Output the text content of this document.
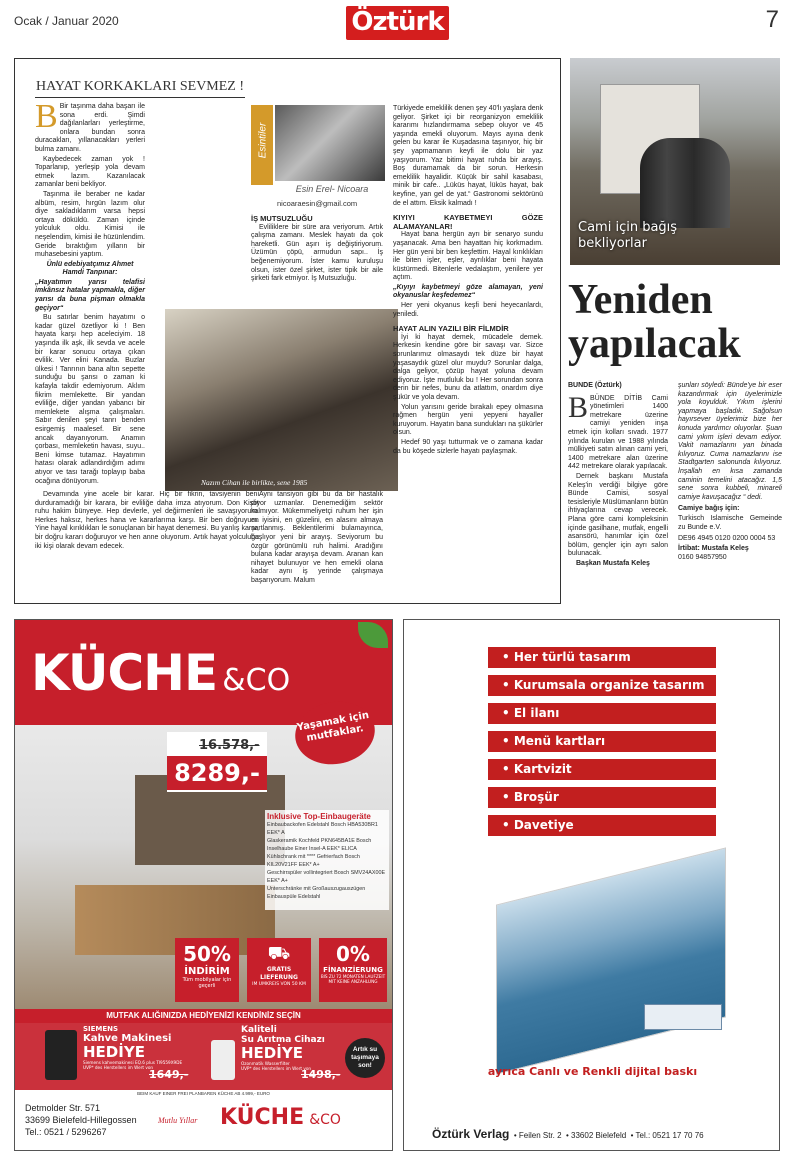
Ocak / Januar 2020	Öztürk	7
HAYAT KORKAKLARI SEVMEZ !

B Bir taşınma daha başarı ile sona erdi. Şimdi dağılanlarları yerleştirme, onlara bundan sonra duracakları, yıllanacakları yerleri bulma zamanı.

Kaybedecek zaman yok ! Toparlanıp, yerleşip yola devam etmek lazım. Kazanılacak zamanlar beni bekliyor.

Taşınma ile beraber ne kadar albüm, resim, hırgün lazım olur diye sakladıklarım varsa hepsi ortaya döküldü. Zaman içinde yolculuk oldu. Kimisi ile neşelendim, kimisi ile hüzünlendim. Geride bıraktığım yılların bir muhasebesini yaptım.

Ünlü edebiyatçımız Ahmet Hamdi Tanpınar:

„Hayatımın yarısı telafisi imkânsız hatalar yapmakla, diğer yarısı da buna pişman olmakla geçiyor“

Bu satırlar benim hayatımı o kadar güzel özetliyor ki ! Ben hayata karşı hep aceleciyim. 18 yaşında ilk aşk, ilk sevda ve acele bir karar sonucu ortaya çıkan evlilik. Ver elini Kanada. Buzlar ülkesi ! Tanrının bana altın sepette sunduğu bu şansı o zaman ki kafayla takdir edemiyorum. Aklım fikrim memlekette. Bir yandan evliliğe, diğer yandan yabancı bir memlekete alışma çalışmaları. Sabır denilen şeyi tanrı benden esirgemiş maalesef. Bir sene ancak dayanıyorum. Anamın çorbası, memleketin havası, suyu.. Beni kimse tutamaz. Hayatımın hatası olarak adlandırdığım adımı atıyor ve tası tarağı toplayıp baba ocağına dönüyorum.

Devamında yine acele bir karar. Hiç bir fikrin, tavsiyenin beni durduramadığı bir karara, bir evliliğe daha imza atıyorum. Don Kişot ruhu hakim bünyeye. Hep devlerle, yel değirmenleri ile savaşıyorum. Herkes haksız, herkes hana ve kararlarıma karşı. Bir ben doğruyum. Yine hayal kırıklıkları le sonuçlanan bir hayat denemesi. Bu yanlış karar, bir doğru kararı doğuruyor ve hen anne oluyorum. Artık hayat yolculuğu iki kişi olarak devam edecek.

Esintiler
Esin Erel- Nicoara
nicoaraesin@gmail.com
İŞ MUTSUZLUĞU

Evliliklere bir süre ara veriyorum. Artık çalışma zamanı. Meslek hayatı da çok hareketli. Gün aşırı iş değiştiriyorum. Üzümün çöpü, armudun sapı.. İş beğenemiyorum. İster kamu kuruluşu olsun, ister özel şirket, ister tipik bir aile şirketi fark etmiyor. İş Mutsuzluğu.

Nazım Cihan ile birlikte, sene 1985

Aynı tansiyon gibi bu da bir hastalık diyor uzmanlar. Denemediğim sektör kalmıyor. Mükemmeliyetçi ruhum her işin en iyisini, en güzelini, en alasını almaya şartlanmış. Beklentilerimi bulamayınca, başlıyor yeni bir arayış. Seviyorum bu özgür görünümlü ruh halimi. Aradığını bulana kadar arayışa devam. Aranan kan nihayet bulunuyor ve hen emekli olana kadar aynı iş yerinde çalışmaya başarıyorum. Malum

Türkiyede emeklilik denen şey 40'lı yaşlara denk geliyor. Şirket içi bir reorganizyon emeklilik kararımı hızlandırmama sebep oluyor ve 45 yaşında emekli oluyorum. Mayıs ayına denk gelen bu karar ile Kuşadasına taşınıyor, hiç bir şey yapmamanın keyfi ile dolu bir yaz yaşıyorum. Yaz bitimi hayat ruhda bir arayış. Boş duramamak da bir sorun. Herkesin emeklilik hayalidir. Küçük bir sahil kasabası, minik bir cafe.. „Lüküs hayat, lüküs hayat, bak keyfine, yan gel de yat.“ Gastronomi sektörünü de el attım. Eksik kalmadı !

KIYIYI KAYBETMEYI GÖZE ALAMAYANLAR!

Hayat bana hergün ayrı bir senaryo sundu yaşanacak. Ama ben hayattan hiç korkmadım. Her gün yeni bir ben keşfettim. Hayal kırıklıkları ile biten işler, eşler, ayrılıklar beni hayata küstürmedi. Bitenlerle vedalaştım, yenilere yer açtım.

„Kıyıyı kaybetmeyi göze alamayan, yeni okyanuslar keşfedemez“

Her yeni okyanus keşfi beni heyecanlardı, yeniledi.

HAYAT ALIN YAZILI BİR FİLMDİR

İyi ki hayat demek, mücadele demek. Herkesin kendine göre bir savaşı var. Sizce sorunlarımız olmasaydı tek düze bir hayat yaşasaydık güzel olur muydu? Sorunlar dalga, dalga geliyor, çözüp hayat yoluna devam ediyoruz. İşte mutluluk bu ! Her sorundan sonra derin bir nefes, bunu da atlattım, onardım diye şükür ve yola devam.

Yolun yarısını geride bırakalı epey olmasına rağmen hergün yeni yepyeni hayaller kuruyorum. Hayatın bana sundukları na şükürler olsun.

Hedef 90 yaşı tutturmak ve o zamana kadar da bu köşede sizlerle hayatı paylaşmak.

Cami için bağış bekliyorlar
Yeniden yapılacak

BUNDE (Öztürk)

BBÜNDE DİTİB Cami yönetimleri 1400 metrekare üzerine camiyi yeniden inşa etmek için kolları sıvadı. 1977 yılında kurulan ve 1988 yılında mülkiyeti satın alınan cami yeri, 1400 metrekare alan üzerine 442 metrekare olarak yapılacak.

Dernek başkanı Mustafa Keleş'in verdiği bilgiye göre Bünde Camisi, sosyal tesisleriyle Müslümanların bütün ihtiyaçlarına cevap verecek. Plana göre cami kompleksinin içinde gasilhane, mutfak, engelli asansörü, hanımlar için özel bölüm, gençler için ayrı salon bulunacak.

Başkan Mustafa Keleş

şunları söyledi: Bünde'ye bir eser kazandırmak için üyelerimizle yola koyulduk. Yıkım işlerini yapmaya başladık. Sağolsun hayırsever üyelerimiz bize her konuda yardımcı oluyorlar. Şuan cami yıkım işleri devam ediyor. Vakit namazlarını yan binada kılıyoruz. Cuma namazlarını ise Stadtgarten salonunda kılıyoruz. İnşallah en kısa zamanda caminin temelini atacağız. 1,5 sene sonra kubbeli, minareli camiye kavuşacağız “ dedi.

Camiye bağış için:

Turkisch Islamische Gemeinde zu Bunde e.V.

DE96 4945 0120 0200 0004 53

İrtibat: Mustafa Keleş

0160 94857950

KÜCHE &CO
Yaşamak için mutfaklar.
16.578,-
8289,-
Inklusive Top-Einbaugeräte
Einbaubackofen Edelstahl Bosch HBA530BR1 EEK* A
Glaskeramik Kochfeld PKN645BA1E Bosch
Inselhaube Einer Insel-A EEK* ELICA
Kühlschrank mit **** Gefrierfach Bosch KIL20V21FF EEK* A+
Geschirrspüler vollintegriert Bosch SMV24AX00E EEK* A+
Unterschränke mit Großauszugauszügen
Einbauspüle Edelstahl
50%
İNDİRİM
Tüm mobilyalar için geçerli
⛟
GRATIS LIEFERUNG
IM UMKREIS VON 50 KM
0%
FİNANZİERUNG
BIS ZU 72 MONATEN LAUFZEIT MIT KEINE ANZAHLUNG
MUTFAK ALIĞINIZDA HEDİYENİZİ KENDİNİZ SEÇİN
SIEMENS
Kahve Makinesi
HEDİYE
Siemens kahvemakinesi EQ.6 plus TI9559X9DE
UVP* des Herstellers im Wert von
1649,-
Kaliteli
Su Arıtma Cihazı
HEDİYE
Ozonmatik Wasserfilter
UVP* des Herstellers im Wert von
1498,-
Artık su taşımaya son!
BEIM KAUF EINER FREI PLANBAREN KÜCHE AB 4.999,- EURO
Detmolder Str. 571
33699 Bielefeld-Hillegossen
Tel.: 0521 / 5296267
Mutlu Yıllar KÜCHE &CO
• Her türlü tasarım
• Kurumsala organize tasarım
• El ilanı
• Menü kartları
• Kartvizit
• Broşür
• Davetiye
ayrıca Canlı ve Renkli dijital baskı
Öztürk Verlag • Feilen Str. 2 • 33602 Bielefeld • Tel.: 0521 17 70 76
